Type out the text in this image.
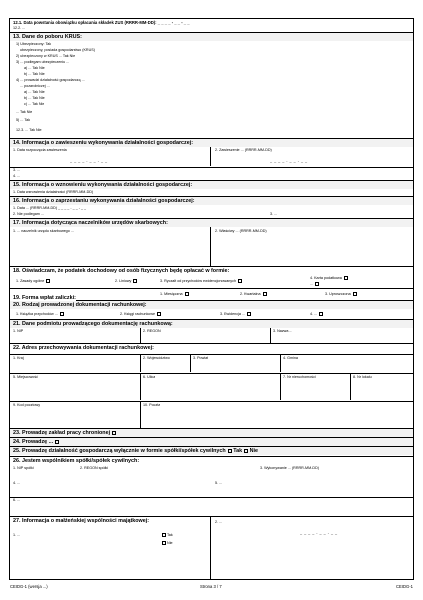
12.1. Data powstania obowiązku opłacania składek ZUS (RRRR-MM-DD): _ _ _ _ - _ _ - _ _
12.2. ...
13. Dane do poboru KRUS:
1) Ubezpieczony: Tak
ubezpieczony, posiada gospodarstwo (KRUS)
2) ubezpieczony w KRUS ... Tak Nie
3) ... podlegam ubezpieczeniu ...
a) ... Tak Nie
b) ... Tak Nie
4) ... prowadzi działalność gospodarczą ...
... pozarolniczej ...
a) ... Tak Nie
b) ... Tak Nie
c) ... Tak Nie
... Tak Nie
5) ... Tak
12.3. ... Tak Nie
14. Informacja o zawieszeniu wykonywania działalności gospodarczej:
1. Data rozpoczęcia zawieszenia	2. Zawieszenie ... (RRRR-MM-DD)
_ _ _ _ - _ _ - _ _	_ _ _ _ - _ _ - _ _
3. ...
4. ...
15. Informacja o wznowieniu wykonywania działalności gospodarczej:
1. Data wznowienia działalności (RRRR-MM-DD)
16. Informacja o zaprzestaniu wykonywania działalności gospodarczej:
1. Data ... (RRRR-MM-DD) _ _ _ _ - _ _ - _ _
2. Nie podlegam ...	3. ...
17. Informacja dotycząca naczelników urzędów skarbowych:
1. ... naczelnik urzędu skarbowego ...	2. Właściwy ... (RRRR-MM-DD)
18. Oświadczam, że podatek dochodowy od osób fizycznych będę opłacać w formie:
1. Zasady ogólne	2. Liniowy	3. Ryczałt od przychodów ewidencjonowanych
4. Karta podatkowa
...
19. Forma wpłat zaliczki:
1. Miesięczna	2. Kwartalna	3. Uproszczona
20. Rodzaj prowadzonej dokumentacji rachunkowej:
1. Książka przychodów ...	2. Księgi rachunkowe	3. Ewidencja ...	4. ...
21. Dane podmiotu prowadzącego dokumentację rachunkową:
1. NIP	2. REGON	3. Nazwa ...
22. Adres przechowywania dokumentacji rachunkowej:
1. Kraj	2. Województwo	3. Powiat	4. Gmina
5. Miejscowość	6. Ulica	7. Nr nieruchomości	8. Nr lokalu
9. Kod pocztowy	10. Poczta
23. Prowadzę zakład pracy chronionej
24. Prowadzę ...
25. Prowadzę działalność gospodarczą wyłącznie w formie spółki/spółek cywilnych Tak Nie
26. Jestem wspólnikiem spółki/spółek cywilnych:
1. NIP spółki	2. REGON spółki	3. Wykonywanie ... (RRRR-MM-DD)
4. ...	5. ...
6. ...
27. Informacja o małżeńskiej wspólności majątkowej:
1. ...
2. ...
Tak
Nie
_ _ _ _ - _ _ - _ _
CEIDG-1 (wersja ...)	Strona 3 / 7	CEIDG-1
